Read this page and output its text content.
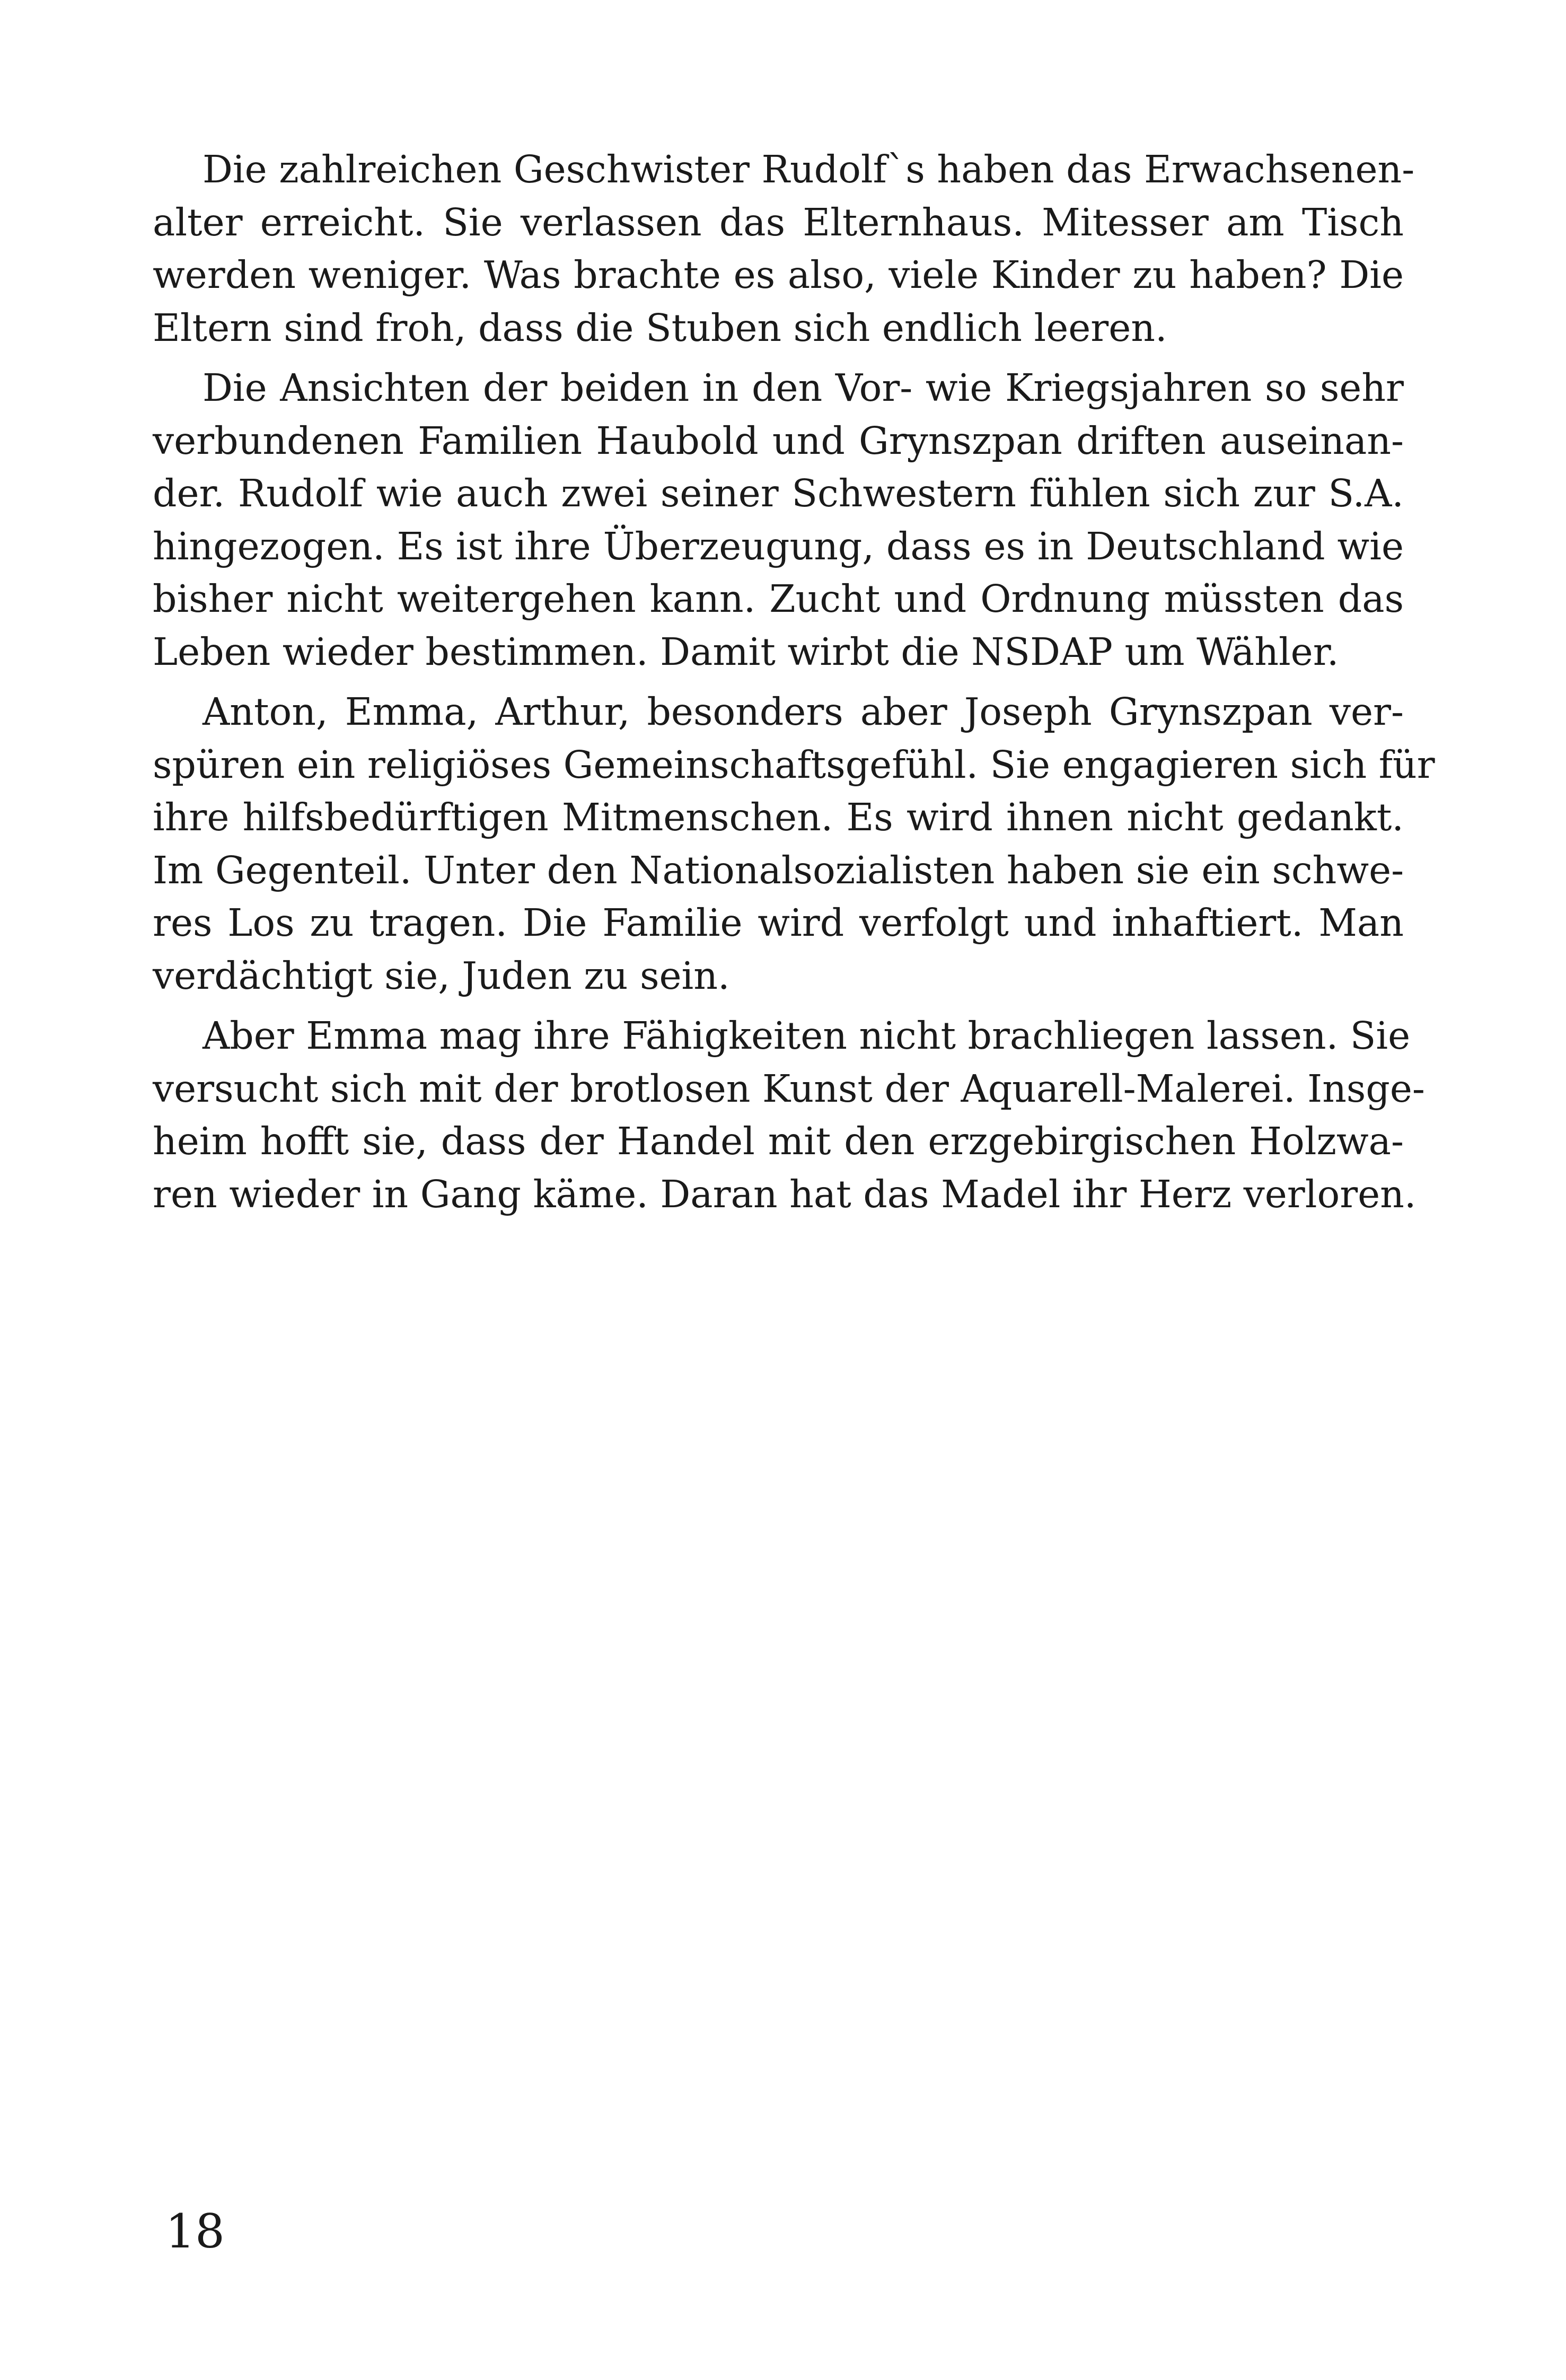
Die zahlreichen Geschwister Rudolf`s haben das Erwachsenen-
alter erreicht. Sie verlassen das Elternhaus. Mitesser am Tisch
werden weniger. Was brachte es also, viele Kinder zu haben? Die
Eltern sind froh, dass die Stuben sich endlich leeren.
Die Ansichten der beiden in den Vor- wie Kriegsjahren so sehr
verbundenen Familien Haubold und Grynszpan driften auseinan-
der. Rudolf wie auch zwei seiner Schwestern fühlen sich zur S.A.
hingezogen. Es ist ihre Überzeugung, dass es in Deutschland wie
bisher nicht weitergehen kann. Zucht und Ordnung müssten das
Leben wieder bestimmen. Damit wirbt die NSDAP um Wähler.
Anton, Emma, Arthur, besonders aber Joseph Grynszpan ver-
spüren ein religiöses Gemeinschaftsgefühl. Sie engagieren sich für
ihre hilfsbedürftigen Mitmenschen. Es wird ihnen nicht gedankt.
Im Gegenteil. Unter den Nationalsozialisten haben sie ein schwe-
res Los zu tragen. Die Familie wird verfolgt und inhaftiert. Man
verdächtigt sie, Juden zu sein.
Aber Emma mag ihre Fähigkeiten nicht brachliegen lassen. Sie
versucht sich mit der brotlosen Kunst der Aquarell-Malerei. Insge-
heim hofft sie, dass der Handel mit den erzgebirgischen Holzwa-
ren wieder in Gang käme. Daran hat das Madel ihr Herz verloren.
18
